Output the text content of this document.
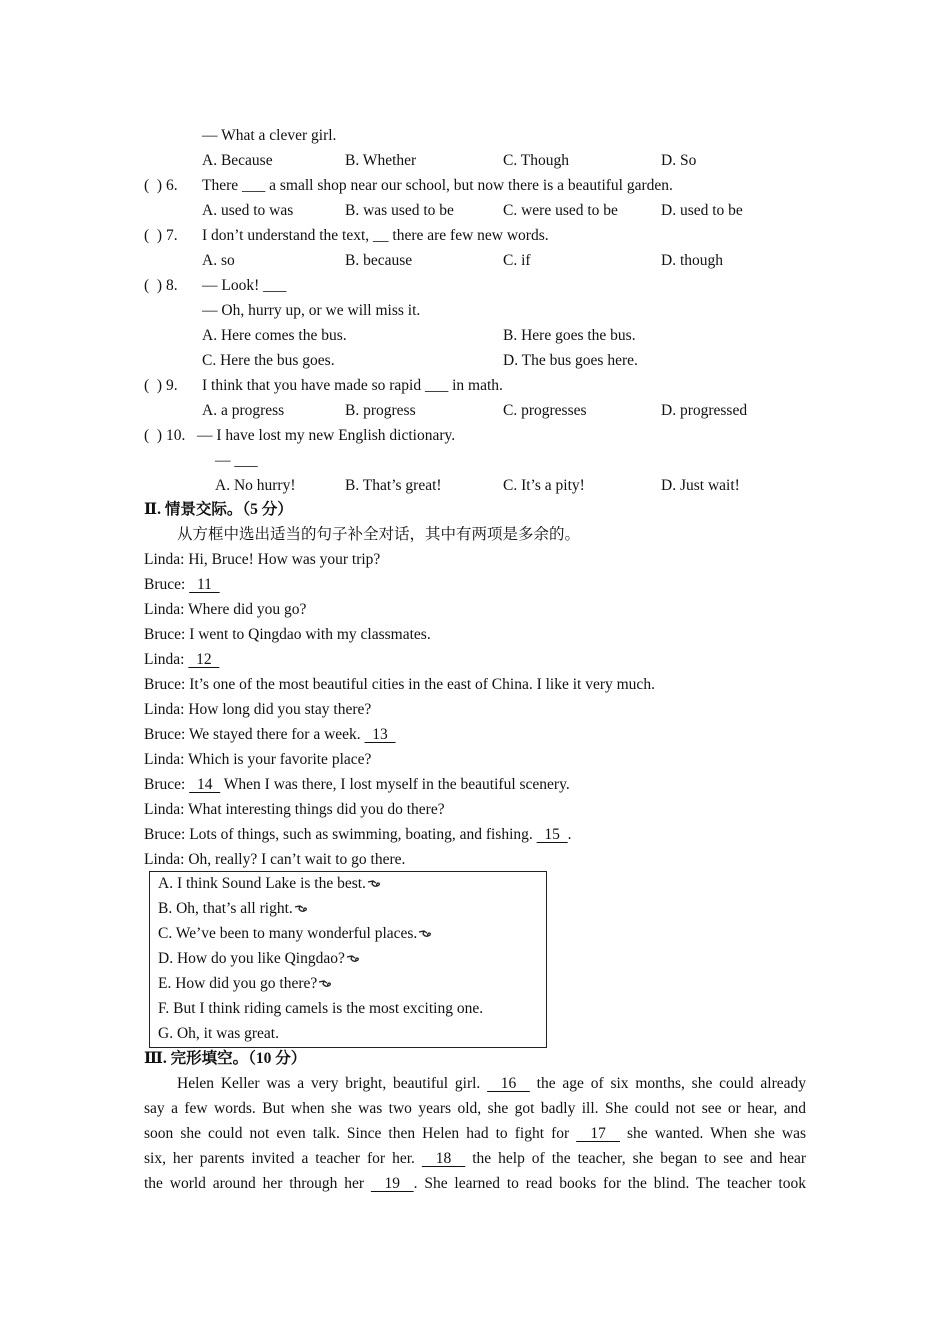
— What a clever girl.
A. Because	B. Whether	C. Though	D. So
(  ) 6. There ___ a small shop near our school, but now there is a beautiful garden.
A. used to was	B. was used to be	C. were used to be	D. used to be
(  ) 7. I don’t understand the text, __ there are few new words.
A. so	B. because	C. if	D. though
(  ) 8. — Look! ___
— Oh, hurry up, or we will miss it.
A. Here comes the bus.	B. Here goes the bus.
C. Here the bus goes.	D. The bus goes here.
(  ) 9. I think that you have made so rapid ___ in math.
A. a progress	B. progress	C. progresses	D. progressed
(  ) 10. — I have lost my new English dictionary.
— ___
A. No hurry!	B. That’s great!	C. It’s a pity!	D. Just wait!
Ⅱ. 情景交际。（5 分）
从方框中选出适当的句子补全对话，其中有两项是多余的。
Linda: Hi, Bruce! How was your trip?
Bruce:   11
Linda: Where did you go?
Bruce: I went to Qingdao with my classmates.
Linda:   12
Bruce: It’s one of the most beautiful cities in the east of China. I like it very much.
Linda: How long did you stay there?
Bruce: We stayed there for a week.   13
Linda: Which is your favorite place?
Bruce:   14   When I was there, I lost myself in the beautiful scenery.
Linda: What interesting things did you do there?
Bruce: Lots of things, such as swimming, boating, and fishing.   15  .
Linda: Oh, really? I can’t wait to go there.
A. I think Sound Lake is the best.
B. Oh, that’s all right.
C. We’ve been to many wonderful places.
D. How do you like Qingdao?
E. How did you go there?
F. But I think riding camels is the most exciting one.
G. Oh, it was great.
Ⅲ. 完形填空。（10 分）
Helen Keller was a very bright, beautiful girl.   16   the age of six months, she could already
say a few words. But when she was two years old, she got badly ill. She could not see or hear, and
soon she could not even talk. Since then Helen had to fight for   17   she wanted. When she was
six, her parents invited a teacher for her.   18   the help of the teacher, she began to see and hear
the world around her through her   19  . She learned to read books for the blind. The teacher took
